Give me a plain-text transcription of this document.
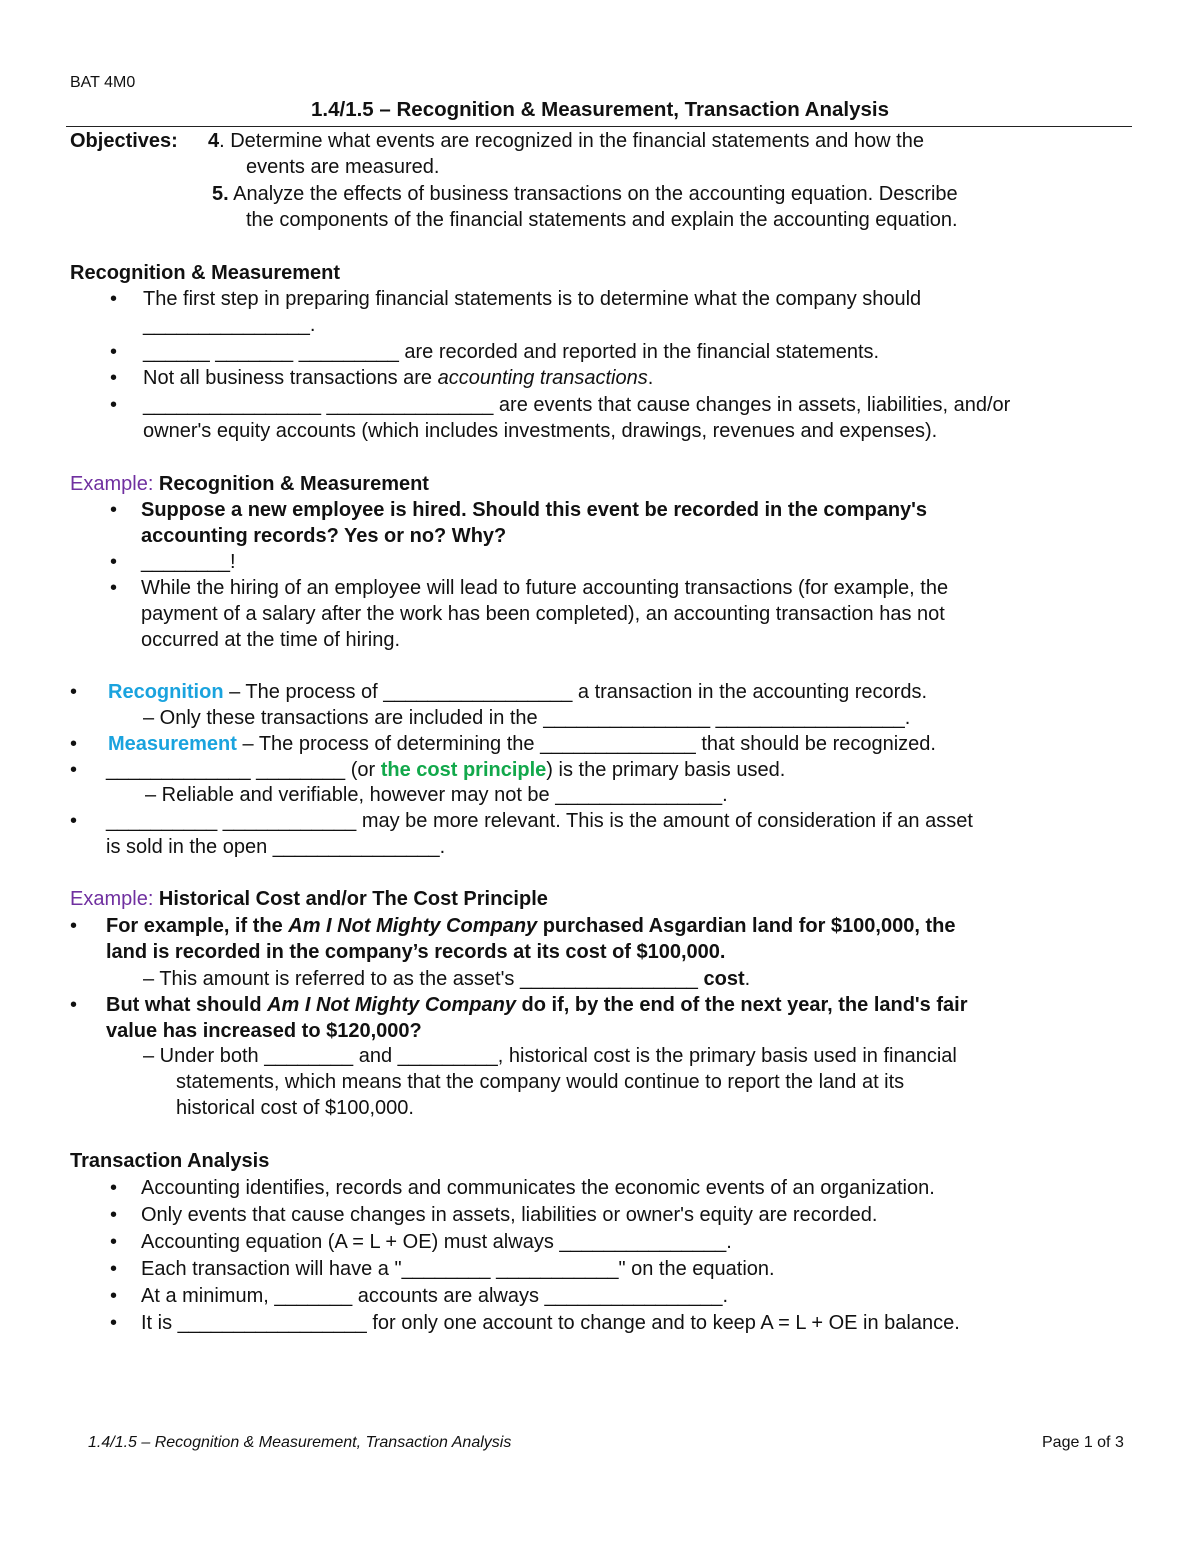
BAT 4M0
1.4/1.5 – Recognition & Measurement, Transaction Analysis
Objectives: 4. Determine what events are recognized in the financial statements and how the
events are measured.
5. Analyze the effects of business transactions on the accounting equation. Describe
the components of the financial statements and explain the accounting equation.
Recognition & Measurement
• The first step in preparing financial statements is to determine what the company should
_______________.
• ______ _______ _________ are recorded and reported in the financial statements.
• Not all business transactions are accounting transactions.
• ________________ _______________ are events that cause changes in assets, liabilities, and/or
owner's equity accounts (which includes investments, drawings, revenues and expenses).
Example: Recognition & Measurement
• Suppose a new employee is hired. Should this event be recorded in the company's
accounting records? Yes or no? Why?
• ________!
• While the hiring of an employee will lead to future accounting transactions (for example, the
payment of a salary after the work has been completed), an accounting transaction has not
occurred at the time of hiring.
• Recognition – The process of _________________ a transaction in the accounting records.
– Only these transactions are included in the _______________ _________________.
• Measurement – The process of determining the ______________ that should be recognized.
• _____________ ________ (or the cost principle) is the primary basis used.
– Reliable and verifiable, however may not be _______________.
• __________ ____________ may be more relevant. This is the amount of consideration if an asset
is sold in the open _______________.
Example: Historical Cost and/or The Cost Principle
• For example, if the Am I Not Mighty Company purchased Asgardian land for $100,000, the
land is recorded in the company’s records at its cost of $100,000.
– This amount is referred to as the asset's ________________ cost.
• But what should Am I Not Mighty Company do if, by the end of the next year, the land's fair
value has increased to $120,000?
– Under both ________ and _________, historical cost is the primary basis used in financial
statements, which means that the company would continue to report the land at its
historical cost of $100,000.
Transaction Analysis
• Accounting identifies, records and communicates the economic events of an organization.
• Only events that cause changes in assets, liabilities or owner's equity are recorded.
• Accounting equation (A = L + OE) must always _______________.
• Each transaction will have a "________ ___________" on the equation.
• At a minimum, _______ accounts are always ________________.
• It is _________________ for only one account to change and to keep A = L + OE in balance.
1.4/1.5 – Recognition & Measurement, Transaction Analysis	Page 1 of 3
